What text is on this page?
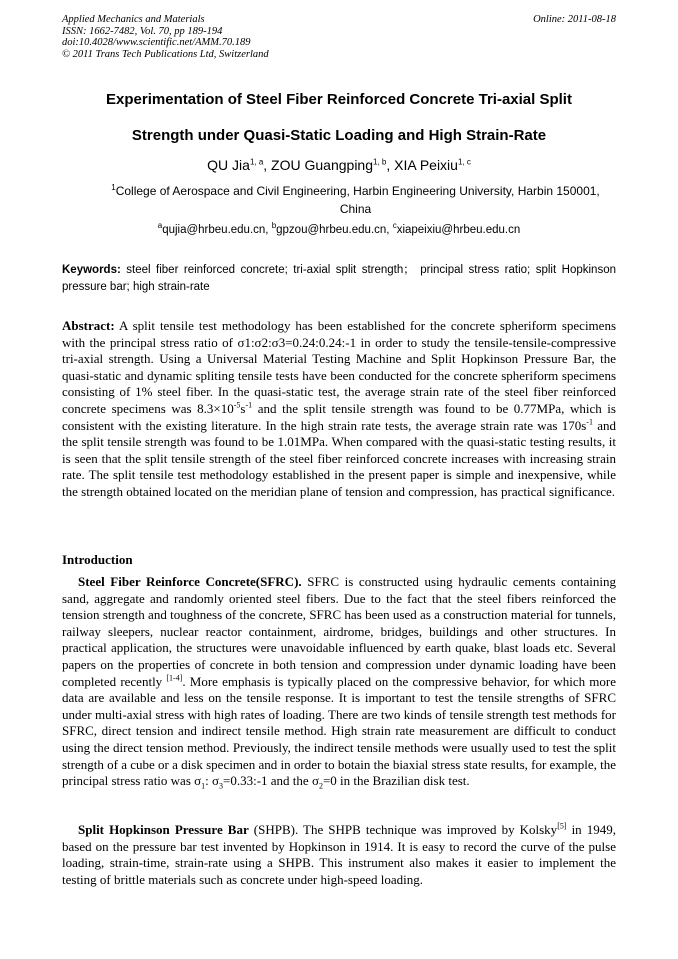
Applied Mechanics and Materials
ISSN: 1662-7482, Vol. 70, pp 189-194
doi:10.4028/www.scientific.net/AMM.70.189
© 2011 Trans Tech Publications Ltd, Switzerland
Online: 2011-08-18
Experimentation of Steel Fiber Reinforced Concrete Tri-axial Split
Strength under Quasi-Static Loading and High Strain-Rate
QU Jia$^{1, a}$, ZOU Guangping$^{1, b}$, XIA Peixiu$^{1, c}$
$^1$College of Aerospace and Civil Engineering, Harbin Engineering University, Harbin 150001, China
$^a$qujia@hrbeu.edu.cn, $^b$gpzou@hrbeu.edu.cn, $^c$xiapeixiu@hrbeu.edu.cn
Keywords: steel fiber reinforced concrete; tri-axial split strength； principal stress ratio; split Hopkinson pressure bar; high strain-rate
Abstract: A split tensile test methodology has been established for the concrete spheriform specimens with the principal stress ratio of σ1:σ2:σ3=0.24:0.24:-1 in order to study the tensile-tensile-compressive tri-axial strength. Using a Universal Material Testing Machine and Split Hopkinson Pressure Bar, the quasi-static and dynamic spliting tensile tests have been conducted for the concrete spheriform specimens consisting of 1% steel fiber. In the quasi-static test, the average strain rate of the steel fiber reinforced concrete specimens was $8.3\times 10^{-5}s^{-1}$ and the split tensile strength was found to be 0.77MPa, which is consistent with the existing literature. In the high strain rate tests, the average strain rate was $170s^{-1}$ and the split tensile strength was found to be 1.01MPa. When compared with the quasi-static testing results, it is seen that the split tensile strength of the steel fiber reinforced concrete increases with increasing strain rate. The split tensile test methodology established in the present paper is simple and inexpensive, while the strength obtained located on the meridian plane of tension and compression, has practical significance.
Introduction
Steel Fiber Reinforce Concrete(SFRC). SFRC is constructed using hydraulic cements containing sand, aggregate and randomly oriented steel fibers. Due to the fact that the steel fibers reinforced the tension strength and toughness of the concrete, SFRC has been used as a construction material for tunnels, railway sleepers, nuclear reactor containment, airdrome, bridges, buildings and other structures. In practical application, the structures were unavoidable influenced by earth quake, blast loads etc. Several papers on the properties of concrete in both tension and compression under dynamic loading have been completed recently [1-4]. More emphasis is typically placed on the compressive behavior, for which more data are available and less on the tensile response. It is important to test the tensile strengths of SFRC under multi-axial stress with high rates of loading. There are two kinds of tensile strength test methods for SFRC, direct tension and indirect tensile method. High strain rate measurement are difficult to conduct using the direct tension method. Previously, the indirect tensile methods were usually used to test the split strength of a cube or a disk specimen and in order to botain the biaxial stress state results, for example, the principal stress ratio was $\sigma_1$: $\sigma_3=0.33:-1$ and the $\sigma_2=0$ in the Brazilian disk test.
Split Hopkinson Pressure Bar (SHPB). The SHPB technique was improved by Kolsky[5] in 1949, based on the pressure bar test invented by Hopkinson in 1914. It is easy to record the curve of the pulse loading, strain-time, strain-rate using a SHPB. This instrument also makes it easier to implement the testing of brittle materials such as concrete under high-speed loading.
